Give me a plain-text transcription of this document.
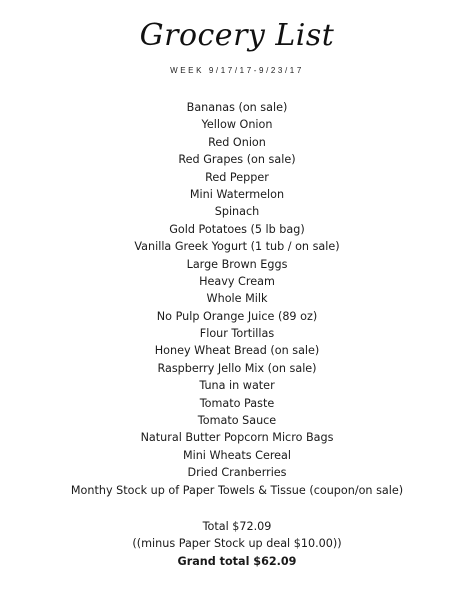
Grocery List
WEEK 9/17/17-9/23/17
Bananas (on sale)
Yellow Onion
Red Onion
Red Grapes (on sale)
Red Pepper
Mini Watermelon
Spinach
Gold Potatoes (5 lb bag)
Vanilla Greek Yogurt (1 tub / on sale)
Large Brown Eggs
Heavy Cream
Whole Milk
No Pulp Orange Juice (89 oz)
Flour Tortillas
Honey Wheat Bread (on sale)
Raspberry Jello Mix (on sale)
Tuna in water
Tomato Paste
Tomato Sauce
Natural Butter Popcorn Micro Bags
Mini Wheats Cereal
Dried Cranberries
Monthy Stock up of Paper Towels & Tissue (coupon/on sale)
Total $72.09
((minus Paper Stock up deal $10.00))
Grand total $62.09
